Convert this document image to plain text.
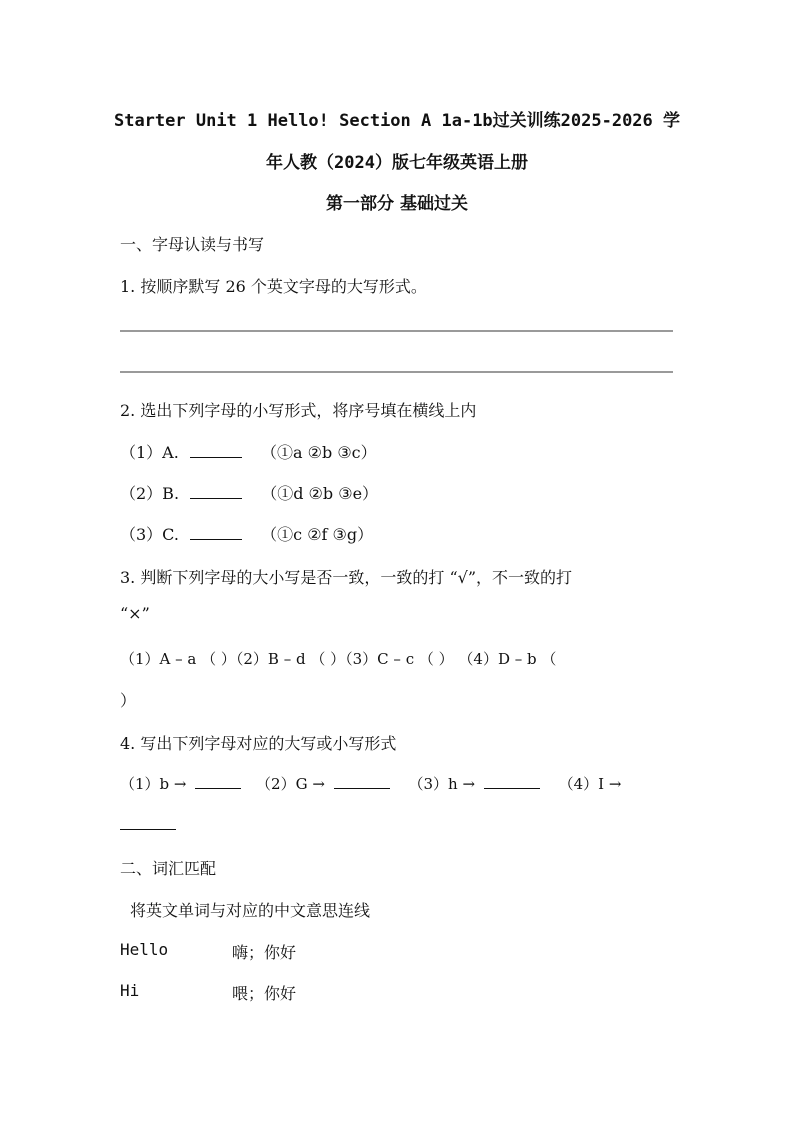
Starter Unit 1 Hello! Section A 1a-1b过关训练2025-2026 学
年人教（2024）版七年级英语上册
第一部分 基础过关
一、字母认读与书写
1. 按顺序默写 26 个英文字母的大写形式。
2. 选出下列字母的小写形式，将序号填在横线上内
（1）A.	（①a ②b ③c）
（2）B.	（①d ②b ③e）
（3）C.	（①c ②f ③g）
3. 判断下列字母的大小写是否一致，一致的打 “√”，不一致的打
“×”
（1）A – a （ ）（2）B – d （ ）（3）C – c （ ） （4）D – b （
）
4. 写出下列字母对应的大写或小写形式
（1）b →	（2）G →	（3）h →	（4）I →
二、词汇匹配
将英文单词与对应的中文意思连线
Hello	嗨；你好
Hi	喂；你好
